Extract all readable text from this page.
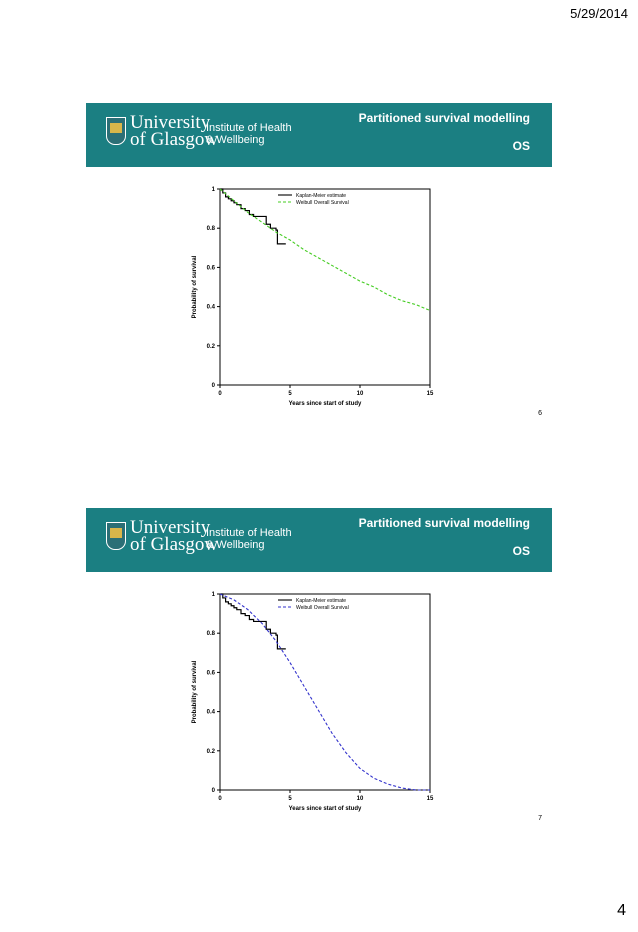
5/29/2014
University
of Glasgow
Institute of Health
& Wellbeing
Partitioned survival modelling
OS
0	5	10	15
0
0.2
0.4
0.6
0.8
1
Years since start of study
Probability of survival
Kaplan-Meier estimate
Weibull Overall Survival
6
University
of Glasgow
Institute of Health
& Wellbeing
Partitioned survival modelling
OS
0	5	10	15
0
0.2
0.4
0.6
0.8
1
Years since start of study
Probability of survival
Kaplan-Meier estimate
Weibull Overall Survival
7
4
